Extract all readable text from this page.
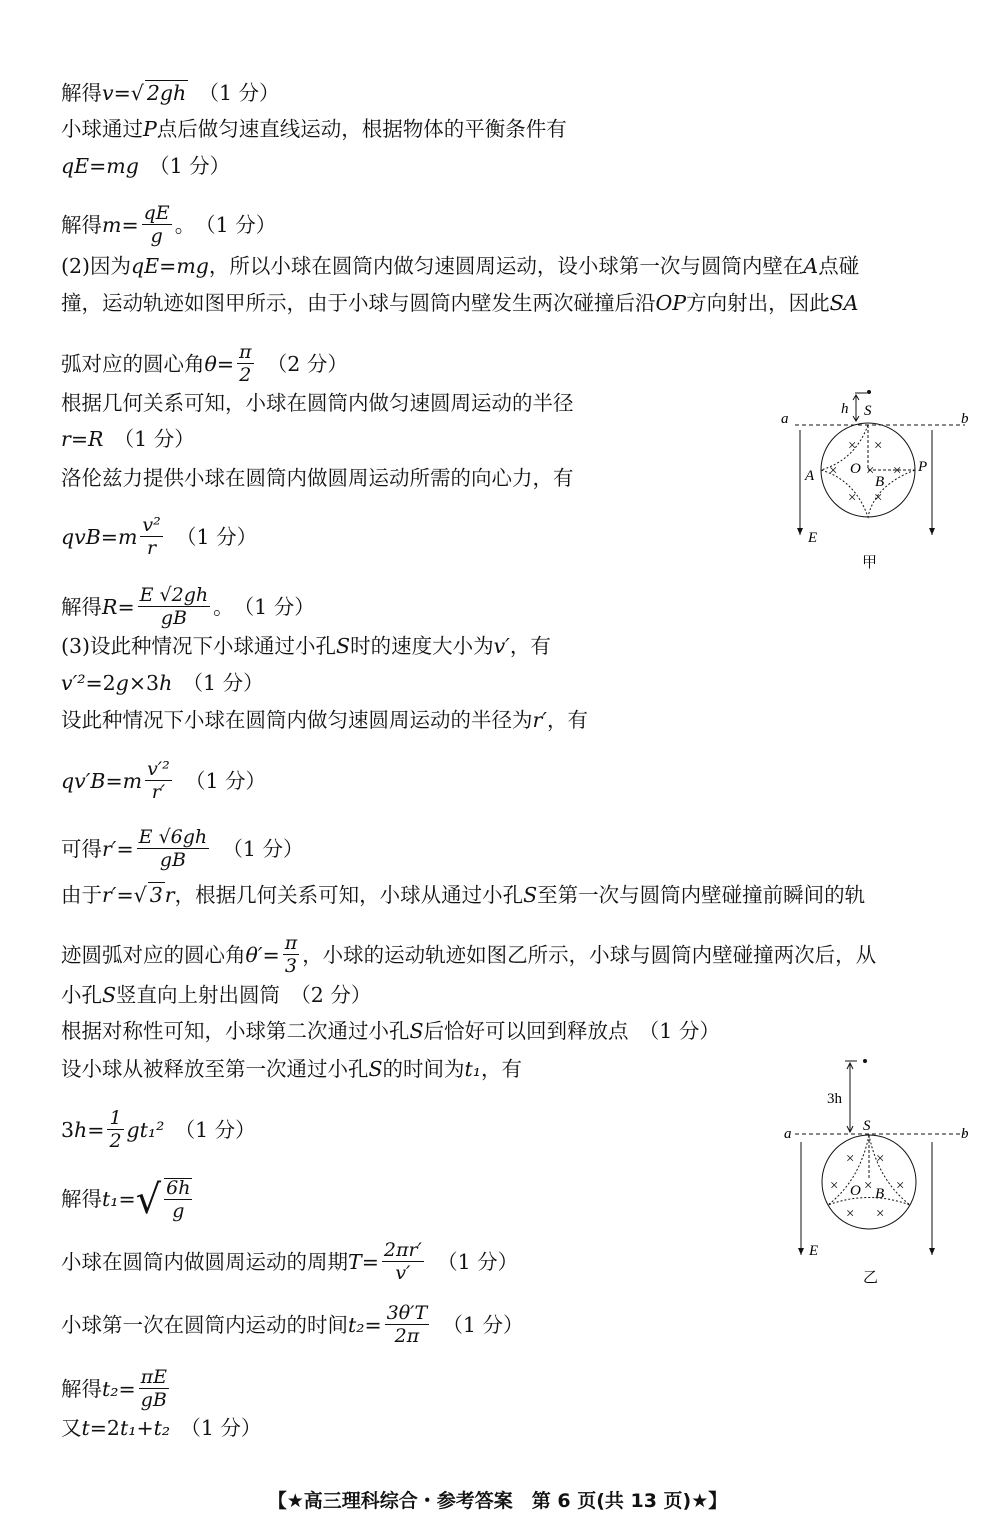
解得 v = √ 2gh 　（1 分）
小球通过 P 点后做匀速直线运动，根据物体的平衡条件有
qE = mg 　（1 分）
解得 $m = \frac{qE}{g}$ 。　（1 分）
(2)因为 qE = mg ，所以小球在圆筒内做匀速圆周运动，设小球第一次与圆筒内壁在 A 点碰
撞，运动轨迹如图甲所示，由于小球与圆筒内壁发生两次碰撞后沿 OP 方向射出，因此 SA
弧对应的圆心角 $\theta = \frac{\pi}{2}$ 　（2 分）
根据几何关系可知，小球在圆筒内做匀速圆周运动的半径
r = R 　（1 分）
洛伦兹力提供小球在圆筒内做圆周运动所需的向心力，有
qvB = m $\frac{\text{v²}}{r}$ 　（1 分）
解得 $R = \frac{E √2gh}{gB}$ 。　（1 分）
(3)设此种情况下小球通过小孔 S 时的速度大小为 v′ ，有
v′² =2 g ×3 h 　（1 分）
设此种情况下小球在圆筒内做匀速圆周运动的半径为 r′ ，有
qv′B = m $\frac{\text{v′²}}{r'}$ 　（1 分）
可得 $r' = \frac{E √6gh}{gB}$ 　（1 分）
由于 r′ = √ 3 r ，根据几何关系可知，小球从通过小孔 S 至第一次与圆筒内壁碰撞前瞬间的轨
迹圆弧对应的圆心角 $\theta' = \frac{\pi}{3}$ ，小球的运动轨迹如图乙所示，小球与圆筒内壁碰撞两次后，从
小孔 S 竖直向上射出圆筒　（2 分）
根据对称性可知，小球第二次通过小孔 S 后恰好可以回到释放点　（1 分）
设小球从被释放至第一次通过小孔 S 的时间为 t₁ ，有
3 $h = \frac{1}{2} gt_1^2$ 　（1 分）
解得 t₁ = √ $\frac{6h}{g}$
小球在圆筒内做圆周运动的周期 $T = \frac{2\pi r'}{v'}$ 　（1 分）
小球第一次在圆筒内运动的时间 $t_2 = \frac{3\theta'T}{2\pi}$ 　（1 分）
解得 $t_2 = \frac{\pi E}{gB}$
又 t =2 t₁ + t₂ 　（1 分）
× ×
× × ×
× ×
a	b
h S
O
A	B
P
E
甲
× ×
× × ×
× ×
a	b
3h
S
O B
E
乙
【★高三理科综合・参考答案　第 6 页(共 13 页)★】
